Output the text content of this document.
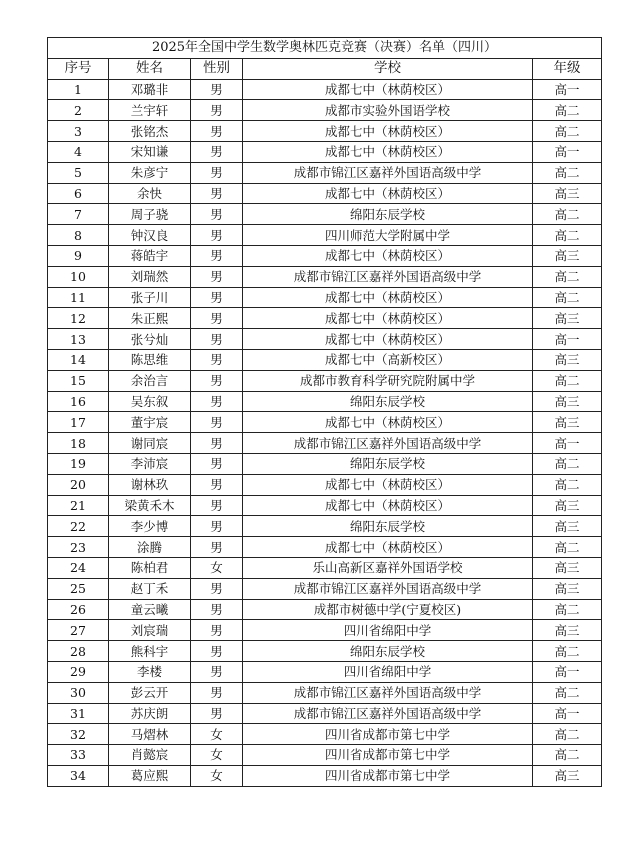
2025年全国中学生数学奥林匹克竞赛（决赛）名单（四川）				
序号	姓名	性别	学校	年级
1	邓璐非	男	成都七中（林荫校区）	高一
2	兰宇轩	男	成都市实验外国语学校	高二
3	张铭杰	男	成都七中（林荫校区）	高二
4	宋知谦	男	成都七中（林荫校区）	高一
5	朱彦宁	男	成都市锦江区嘉祥外国语高级中学	高二
6	余快	男	成都七中（林荫校区）	高三
7	周子骁	男	绵阳东辰学校	高二
8	钟汉良	男	四川师范大学附属中学	高二
9	蒋皓宇	男	成都七中（林荫校区）	高三
10	刘瑞然	男	成都市锦江区嘉祥外国语高级中学	高二
11	张子川	男	成都七中（林荫校区）	高二
12	朱正熙	男	成都七中（林荫校区）	高三
13	张兮灿	男	成都七中（林荫校区）	高一
14	陈思维	男	成都七中（高新校区）	高三
15	余治言	男	成都市教育科学研究院附属中学	高二
16	吴东叙	男	绵阳东辰学校	高三
17	董宇宸	男	成都七中（林荫校区）	高三
18	谢同宸	男	成都市锦江区嘉祥外国语高级中学	高一
19	李沛宸	男	绵阳东辰学校	高二
20	谢林玖	男	成都七中（林荫校区）	高二
21	梁黄禾木	男	成都七中（林荫校区）	高三
22	李少博	男	绵阳东辰学校	高三
23	涂腾	男	成都七中（林荫校区）	高二
24	陈柏君	女	乐山高新区嘉祥外国语学校	高三
25	赵丁禾	男	成都市锦江区嘉祥外国语高级中学	高三
26	童云曦	男	成都市树德中学(宁夏校区)	高二
27	刘宸瑞	男	四川省绵阳中学	高三
28	熊科宇	男	绵阳东辰学校	高二
29	李楼	男	四川省绵阳中学	高一
30	彭云开	男	成都市锦江区嘉祥外国语高级中学	高二
31	苏庆朗	男	成都市锦江区嘉祥外国语高级中学	高一
32	马熠林	女	四川省成都市第七中学	高二
33	肖懿宸	女	四川省成都市第七中学	高二
34	葛应熙	女	四川省成都市第七中学	高三
